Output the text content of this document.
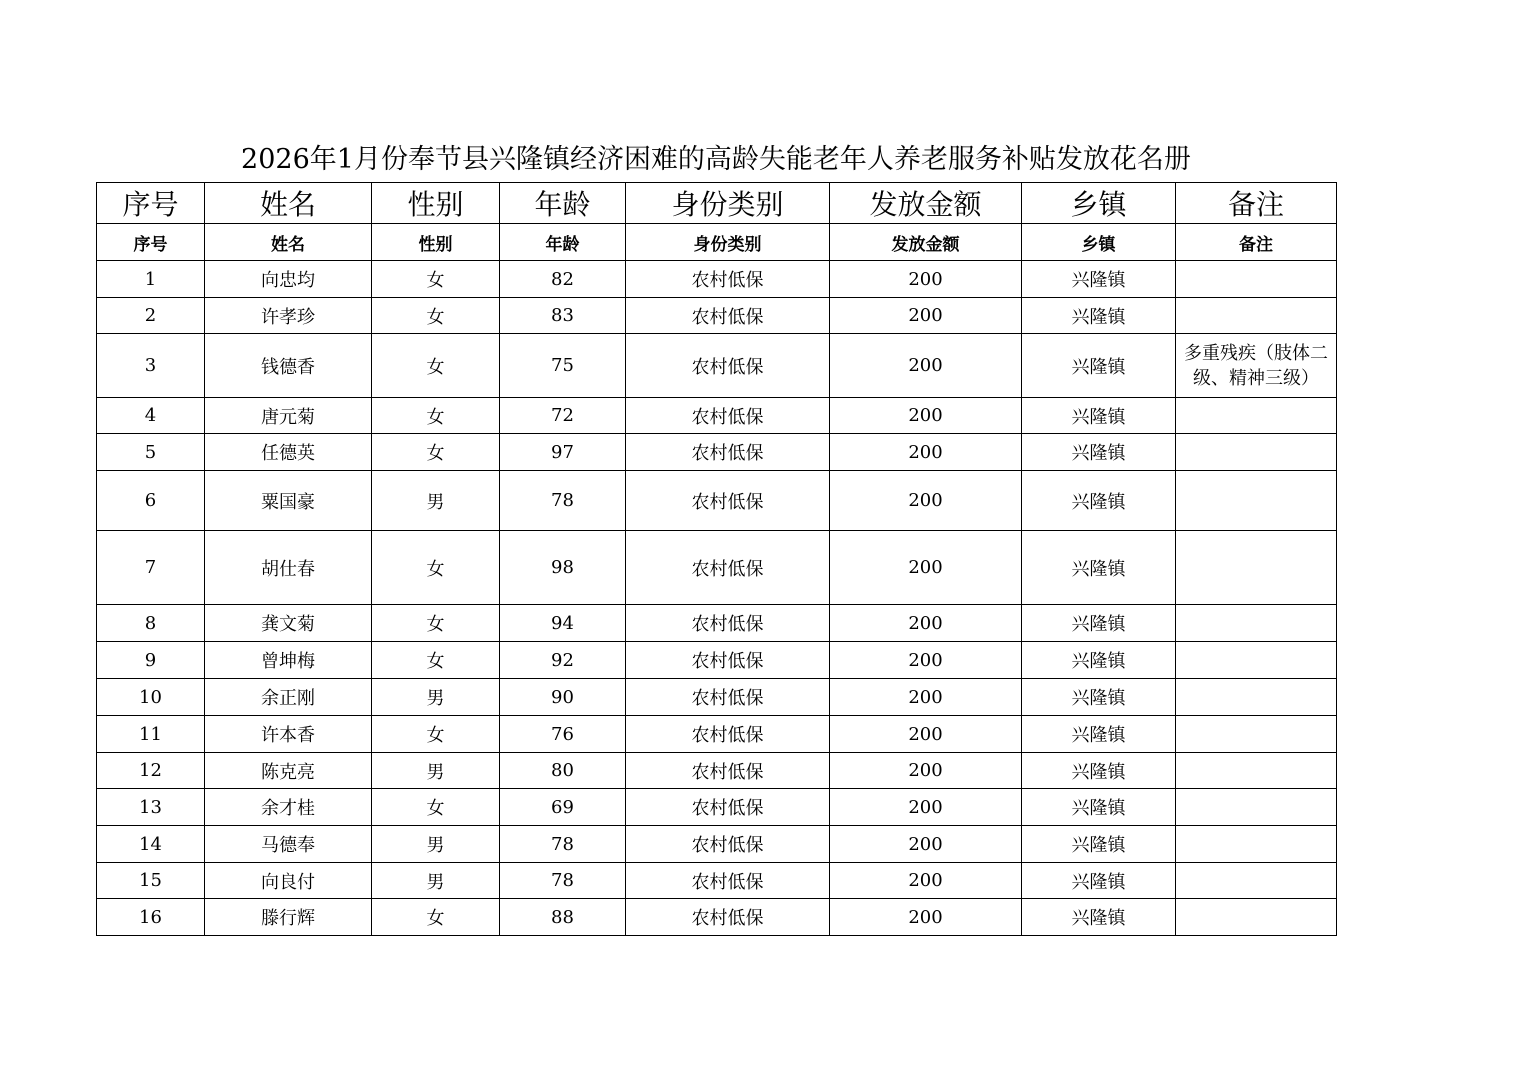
2026年1月份奉节县兴隆镇经济困难的高龄失能老年人养老服务补贴发放花名册
序号	姓名	性别	年龄	身份类别	发放金额	乡镇	备注
序号	姓名	性别	年龄	身份类别	发放金额	乡镇	备注
1	向忠均	女	82	农村低保	200	兴隆镇	
2	许孝珍	女	83	农村低保	200	兴隆镇	
3	钱德香	女	75	农村低保	200	兴隆镇	多重残疾（肢体二级、精神三级）

4	唐元菊	女	72	农村低保	200	兴隆镇	
5	任德英	女	97	农村低保	200	兴隆镇	
6	粟国豪	男	78	农村低保	200	兴隆镇	
7	胡仕春	女	98	农村低保	200	兴隆镇	
8	龚文菊	女	94	农村低保	200	兴隆镇	
9	曾坤梅	女	92	农村低保	200	兴隆镇	
10	余正刚	男	90	农村低保	200	兴隆镇	
11	许本香	女	76	农村低保	200	兴隆镇	
12	陈克亮	男	80	农村低保	200	兴隆镇	
13	余才桂	女	69	农村低保	200	兴隆镇	
14	马德奉	男	78	农村低保	200	兴隆镇	
15	向良付	男	78	农村低保	200	兴隆镇	
16	滕行辉	女	88	农村低保	200	兴隆镇	
